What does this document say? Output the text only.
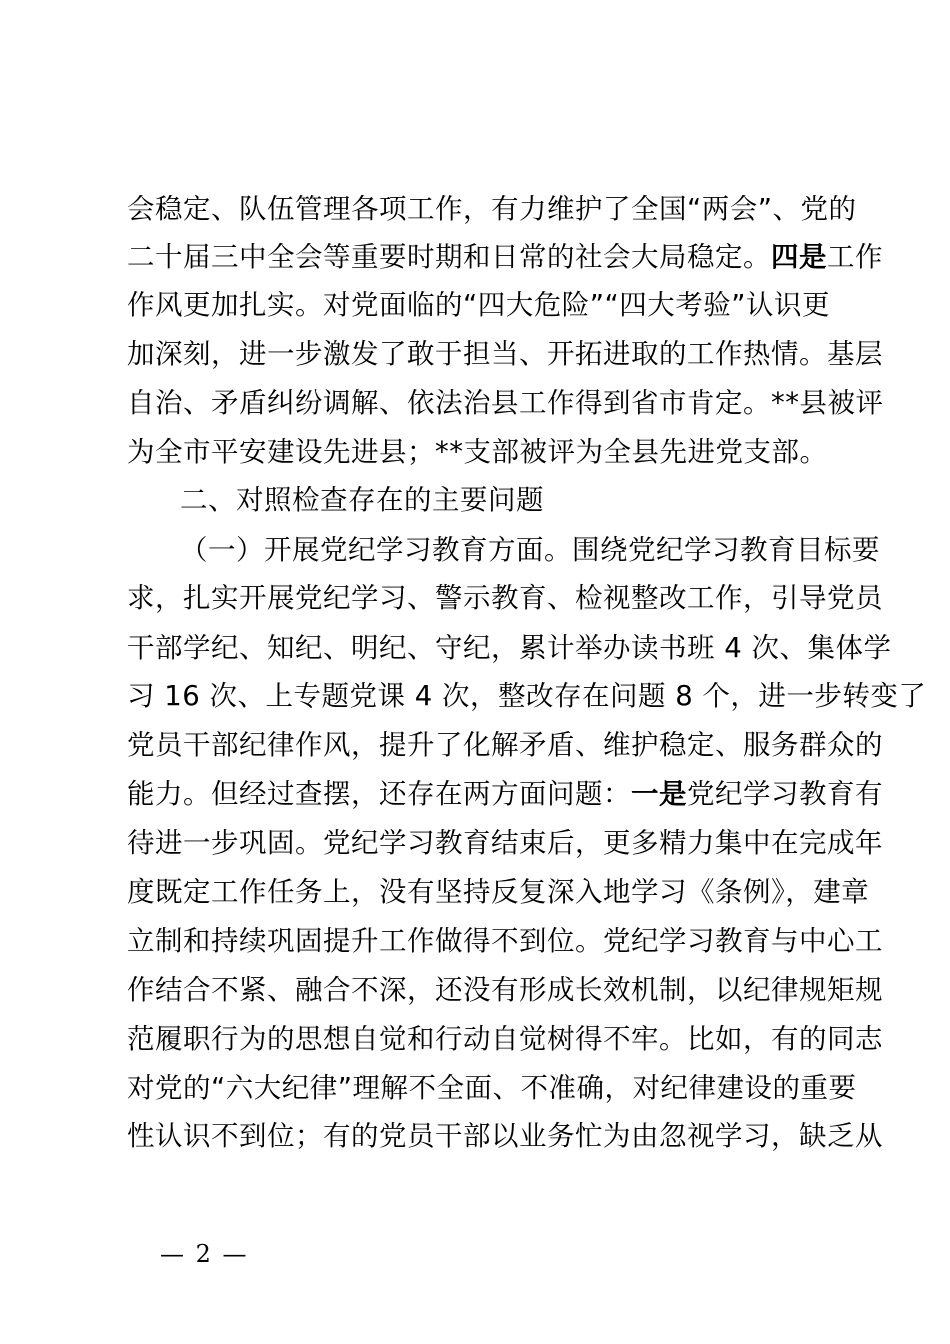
会稳定、队伍管理各项工作，有力维护了全国“两会”、党的
二十届三中全会等重要时期和日常的社会大局稳定。四是工作
作风更加扎实。对党面临的“四大危险”“四大考验”认识更
加深刻，进一步激发了敢于担当、开拓进取的工作热情。基层
自治、矛盾纠纷调解、依法治县工作得到省市肯定。**县被评
为全市平安建设先进县；**支部被评为全县先进党支部。
二、对照检查存在的主要问题
（一）开展党纪学习教育方面。围绕党纪学习教育目标要
求，扎实开展党纪学习、警示教育、检视整改工作，引导党员
干部学纪、知纪、明纪、守纪，累计举办读书班 4 次、集体学
习 16 次、上专题党课 4 次，整改存在问题 8 个，进一步转变了
党员干部纪律作风，提升了化解矛盾、维护稳定、服务群众的
能力。但经过查摆，还存在两方面问题：一是党纪学习教育有
待进一步巩固。党纪学习教育结束后，更多精力集中在完成年
度既定工作任务上，没有坚持反复深入地学习《条例》，建章
立制和持续巩固提升工作做得不到位。党纪学习教育与中心工
作结合不紧、融合不深，还没有形成长效机制，以纪律规矩规
范履职行为的思想自觉和行动自觉树得不牢。比如，有的同志
对党的“六大纪律”理解不全面、不准确，对纪律建设的重要
性认识不到位；有的党员干部以业务忙为由忽视学习，缺乏从
— 2 —
